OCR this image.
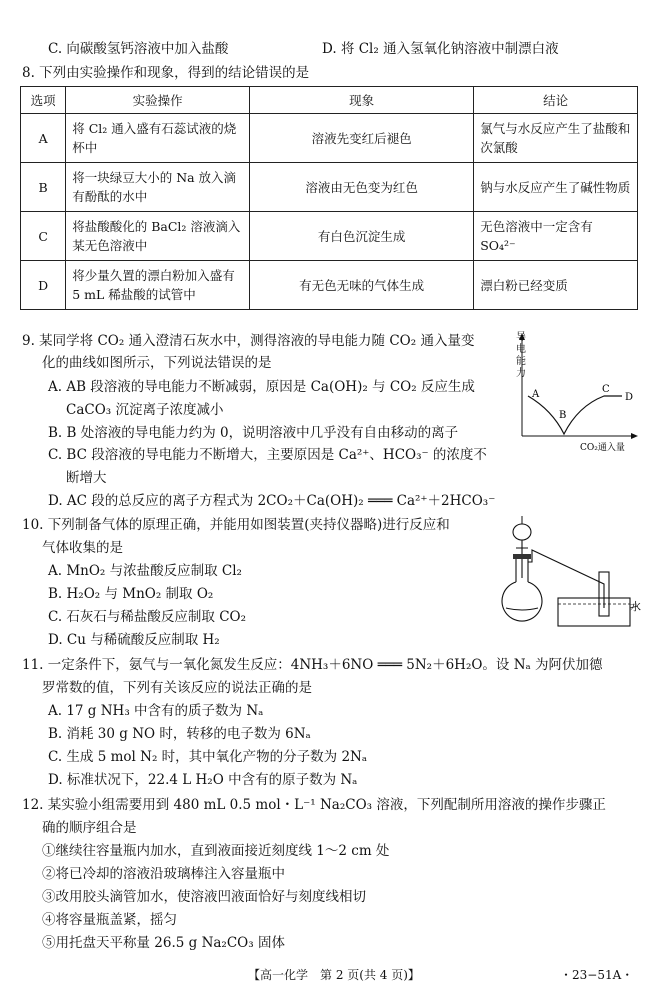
C. 向碳酸氢钙溶液中加入盐酸	D. 将 Cl₂ 通入氢氧化钠溶液中制漂白液
8. 下列由实验操作和现象，得到的结论错误的是
选项	实验操作	现象	结论
A	将 Cl₂ 通入盛有石蕊试液的烧杯中	溶液先变红后褪色	氯气与水反应产生了盐酸和次氯酸
B	将一块绿豆大小的 Na 放入滴有酚酞的水中	溶液由无色变为红色	钠与水反应产生了碱性物质
C	将盐酸酸化的 BaCl₂ 溶液滴入某无色溶液中	有白色沉淀生成	无色溶液中一定含有 SO₄²⁻
D	将少量久置的漂白粉加入盛有 5 mL 稀盐酸的试管中	有无色无味的气体生成	漂白粉已经变质
9. 某同学将 CO₂ 通入澄清石灰水中，测得溶液的导电能力随 CO₂ 通入量变
化的曲线如图所示，下列说法错误的是
A. AB 段溶液的导电能力不断减弱，原因是 Ca(OH)₂ 与 CO₂ 反应生成
CaCO₃ 沉淀离子浓度减小
B. B 处溶液的导电能力约为 0，说明溶液中几乎没有自由移动的离子
C. BC 段溶液的导电能力不断增大，主要原因是 Ca²⁺、HCO₃⁻ 的浓度不
断增大
D. AC 段的总反应的离子方程式为 2CO₂＋Ca(OH)₂ ═══ Ca²⁺＋2HCO₃⁻
A
B
C
D
CO₂通入量
导电能力
10. 下列制备气体的原理正确，并能用如图装置(夹持仪器略)进行反应和
气体收集的是
A. MnO₂ 与浓盐酸反应制取 Cl₂
B. H₂O₂ 与 MnO₂ 制取 O₂
C. 石灰石与稀盐酸反应制取 CO₂
D. Cu 与稀硫酸反应制取 H₂
水
11. 一定条件下，氨气与一氧化氮发生反应：4NH₃＋6NO ═══ 5N₂＋6H₂O。设 Nₐ 为阿伏加德
罗常数的值，下列有关该反应的说法正确的是
A. 17 g NH₃ 中含有的质子数为 Nₐ
B. 消耗 30 g NO 时，转移的电子数为 6Nₐ
C. 生成 5 mol N₂ 时，其中氧化产物的分子数为 2Nₐ
D. 标准状况下，22.4 L H₂O 中含有的原子数为 Nₐ
12. 某实验小组需要用到 480 mL 0.5 mol・L⁻¹ Na₂CO₃ 溶液，下列配制所用溶液的操作步骤正
确的顺序组合是
①继续往容量瓶内加水，直到液面接近刻度线 1～2 cm 处
②将已冷却的溶液沿玻璃棒注入容量瓶中
③改用胶头滴管加水，使溶液凹液面恰好与刻度线相切
④将容量瓶盖紧，摇匀
⑤用托盘天平称量 26.5 g Na₂CO₃ 固体
【高一化学　第 2 页(共 4 页)】	・23−51A・
